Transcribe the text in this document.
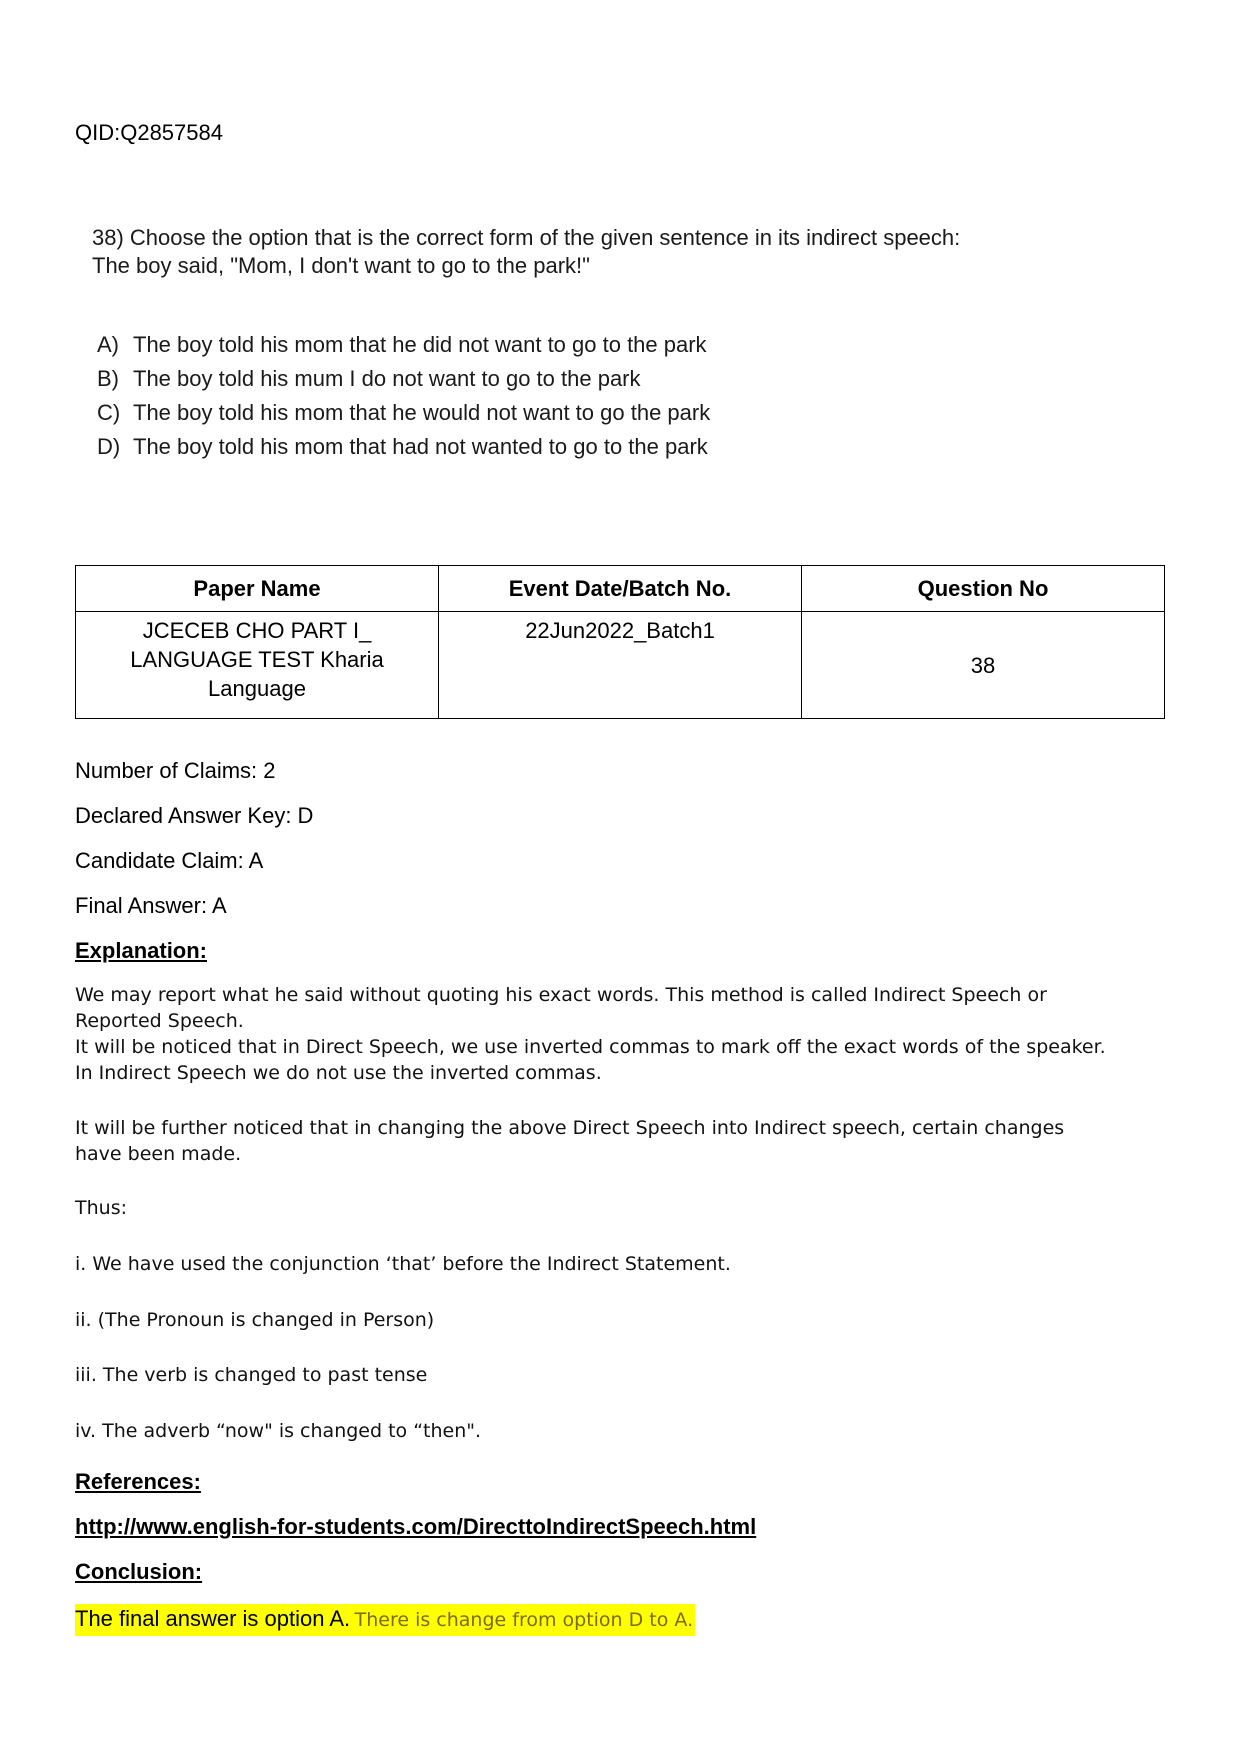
QID:Q2857584
38) Choose the option that is the correct form of the given sentence in its indirect speech:
The boy said, "Mom, I don't want to go to the park!"
A) The boy told his mom that he did not want to go to the park
B) The boy told his mum I do not want to go to the park
C) The boy told his mom that he would not want to go the park
D) The boy told his mom that had not wanted to go to the park
Paper Name	Event Date/Batch No.	Question No

JCECEB CHO PART I_
LANGUAGE TEST Kharia
Language	22Jun2022_Batch1	38
Number of Claims: 2
Declared Answer Key: D
Candidate Claim: A
Final Answer: A
Explanation:
We may report what he said without quoting his exact words. This method is called Indirect Speech or
Reported Speech.
It will be noticed that in Direct Speech, we use inverted commas to mark off the exact words of the speaker.
In Indirect Speech we do not use the inverted commas.
It will be further noticed that in changing the above Direct Speech into Indirect speech, certain changes
have been made.
Thus:
i. We have used the conjunction ‘that’ before the Indirect Statement.
ii. (The Pronoun is changed in Person)
iii. The verb is changed to past tense
iv. The adverb “now" is changed to “then".
References:
http://www.english-for-students.com/DirecttoIndirectSpeech.html
Conclusion:
The final answer is option A. There is change from option D to A.
